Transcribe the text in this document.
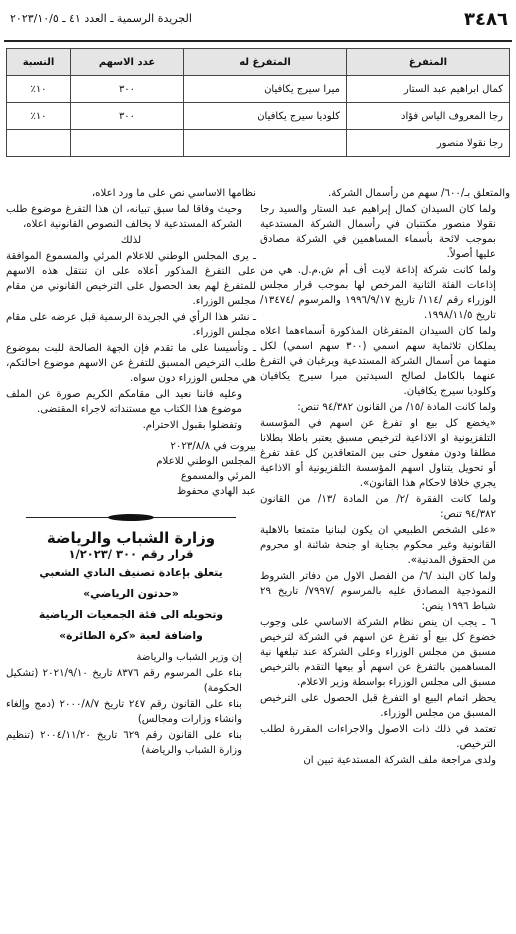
٣٤٨٦
الجريدة الرسمية ـ العدد ٤١ ـ ٢٠٢٣/١٠/٥
المتفرغ	المتفرغ له	عدد الاسهم	النسبة
كمال ابراهيم عبد الستار	ميرا سيرج يكافيان	٣٠٠	١٠٪
رجا المعروف الياس فؤاد	كلوديا سيرج يكافيان	٣٠٠	١٠٪
رجا نقولا منصور			

والمتعلق بـ/٦٠٠/ سهم من رأسمال الشركة.

ولما كان السيدان كمال إبراهيم عبد الستار والسيد رجا نقولا منصور مكتتبان في رأسمال الشركة المستدعية بموجب لائحة بأسماء المساهمين في الشركة مصادق عليها أصولاً.

ولما كانت شركة إذاعة لايت أف أم ش.م.ل. هي من إذاعات الفئة الثانية المرخص لها بموجب قرار مجلس الوزراء رقم /١١٤/ تاريخ ١٩٩٦/٩/١٧ والمرسوم /١٣٤٧٤/ تاريخ ١٩٩٨/١١/٥.

ولما كان السيدان المتفرغان المذكورة أسماءهما اعلاه يملكان ثلاثماية سهم اسمي (٣٠٠ سهم اسمي) لكل منهما من أسمال الشركة المستدعية ويرغبان في التفرغ عنهما بالكامل لصالح السيدتين ميرا سيرج يكافيان وكلوديا سيرج يكافيان.

ولما كانت المادة /١٥/ من القانون ٩٤/٣٨٢ تنص:

«يخضع كل بيع او تفرغ عن اسهم في المؤسسة التلفزيونية او الاذاعية لترخيص مسبق يعتبر باطلا بطلانا مطلقا ودون مفعول حتى بين المتعاقدين كل عقد تفرغ أو تحويل يتناول اسهم المؤسسة التلفزيونية أو الاذاعية يجري خلافا لاحكام هذا القانون».

ولما كانت الفقرة /٢/ من المادة /١٣/ من القانون ٩٤/٣٨٢ تنص:

«على الشخص الطبيعي ان يكون لبنانيا متمتعا بالاهلية القانونية وغير محكوم بجناية او جنحة شائنة او محروم من الحقوق المدنية».

ولما كان البند /٦/ من الفصل الاول من دفاتر الشروط النموذجية المصادق عليه بالمرسوم /٧٩٩٧/ تاريخ ٢٩ شباط ١٩٩٦ ينص:

٦ ـ يجب ان ينص نظام الشركة الاساسي على وجوب خضوع كل بيع أو تفرغ عن اسهم في الشركة لترخيص مسبق من مجلس الوزراء وعلى الشركة عند تبلغها نية المساهمين بالتفرغ عن اسهم أو بيعها التقدم بالترخيص مسبق الى مجلس الوزراء بواسطة وزير الاعلام.

يحظر اتمام البيع او التفرغ قبل الحصول على الترخيص المسبق من مجلس الوزراء.

تعتمد في ذلك ذات الاصول والاجراءات المقررة لطلب الترخيص.

ولدى مراجعة ملف الشركة المستدعية تبين ان

نظامها الاساسي نص على ما ورد اعلاه،

وحيث وفاقا لما سبق تبيانه، ان هذا التفرغ موضوع طلب الشركة المستدعية لا يخالف النصوص القانونية اعلاه،

لذلك

ـ يرى المجلس الوطني للاعلام المرئي والمسموع الموافقة على التفرغ المذكور أعلاه على ان تنتقل هذه الاسهم للمتفرغ لهم بعد الحصول على الترخيص القانوني من مقام مجلس الوزراء.

ـ نشر هذا الرأي في الجريدة الرسمية قبل عرضه على مقام مجلس الوزراء.

ـ وتأسيسا على ما تقدم فإن الجهة الصالحة للبت بموضوع طلب الترخيص المسبق للتفرغ عن الاسهم موضوع احالتكم، هي مجلس الوزراء دون سواه.

وعليه فاننا نعيد الى مقامكم الكريم صورة عن الملف موضوع هذا الكتاب مع مستنداته لاجراء المقتضى.

وتفضلوا بقبول الاحترام.

بيروت في ٢٠٢٣/٨/٨

المجلس الوطني للاعلام

المرئي والمسموع

عبد الهادي محفوظ

وزارة الشباب والرياضة

قرار رقم ٣٠٠ /١/٢٠٢٣

يتعلق بإعادة تصنيف النادي الشعبي

«حدتون الرياضي»

وتحويله الى فئة الجمعيات الرياضية

واضافة لعبة «كرة الطائرة»

إن وزير الشباب والرياضة

بناء على المرسوم رقم ٨٣٧٦ تاريخ ٢٠٢١/٩/١٠ (تشكيل الحكومة)

بناء على القانون رقم ٢٤٧ تاريخ ٢٠٠٠/٨/٧ (دمج وإلغاء وانشاء وزارات ومجالس)

بناء على القانون رقم ٦٢٩ تاريخ ٢٠٠٤/١١/٢٠ (تنظيم وزارة الشباب والرياضة)
